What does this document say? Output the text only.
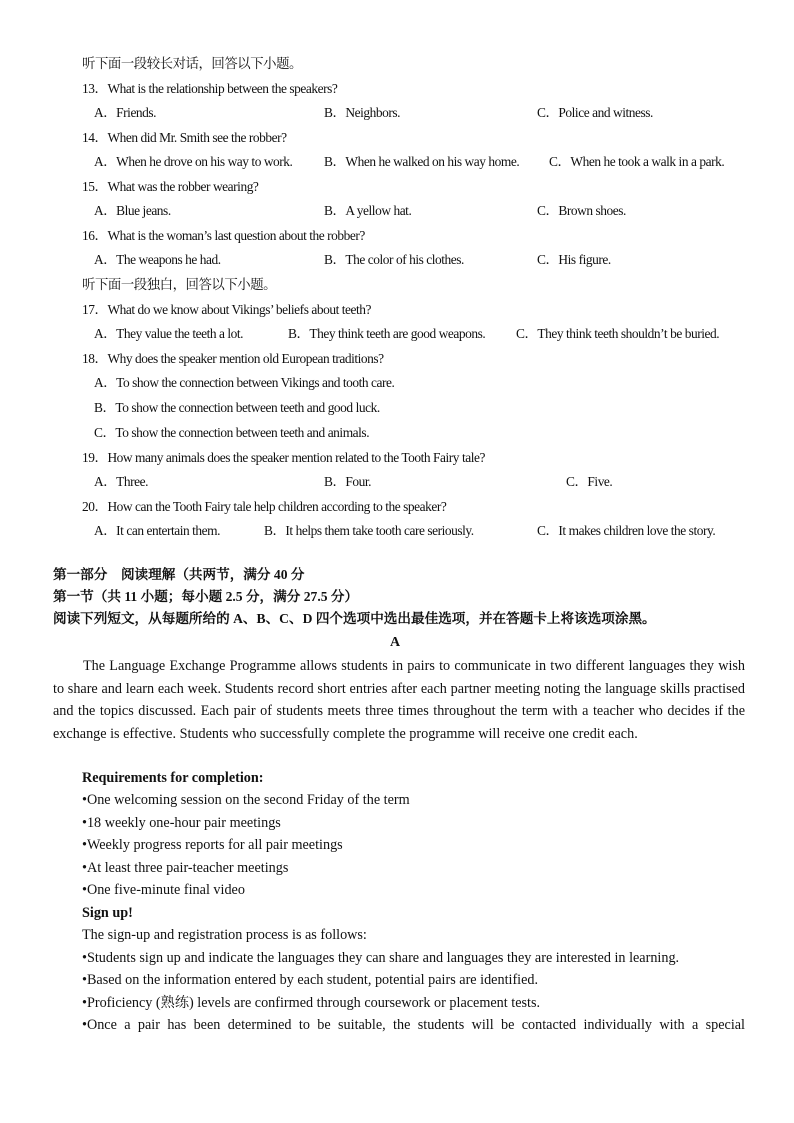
听下面一段较长对话，回答以下小题。
13．What is the relationship between the speakers?
A．Friends.	B．Neighbors.	C．Police and witness.
14．When did Mr. Smith see the robber?
A．When he drove on his way to work. B．When he walked on his way home. C．When he took a walk in a park.
15．What was the robber wearing?
A．Blue jeans.	B．A yellow hat.	C．Brown shoes.
16．What is the woman’s last question about the robber?
A．The weapons he had.	B．The color of his clothes.	C．His figure.
听下面一段独白，回答以下小题。
17．What do we know about Vikings’ beliefs about teeth?
A．They value the teeth a lot.	B．They think teeth are good weapons. C．They think teeth shouldn’t be buried.
18．Why does the speaker mention old European traditions?
A．To show the connection between Vikings and tooth care.
B．To show the connection between teeth and good luck.
C．To show the connection between teeth and animals.
19．How many animals does the speaker mention related to the Tooth Fairy tale?
A．Three.	B．Four.	C．Five.
20．How can the Tooth Fairy tale help children according to the speaker?
A．It can entertain them.	B．It helps them take tooth care seriously.	C．It makes children love the story.
第一部分　阅读理解（共两节，满分 40 分
第一节（共 11 小题；每小题 2.5 分，满分 27.5 分）
阅读下列短文，从每题所给的 A、B、C、D 四个选项中选出最佳选项，并在答题卡上将该选项涂黑。
A
The Language Exchange Programme allows students in pairs to communicate in two different languages they wish to share and learn each week. Students record short entries after each partner meeting noting the language skills practised and the topics discussed. Each pair of students meets three times throughout the term with a teacher who decides if the exchange is effective. Students who successfully complete the programme will receive one credit each.
Requirements for completion:
•One welcoming session on the second Friday of the term
•18 weekly one-hour pair meetings
•Weekly progress reports for all pair meetings
•At least three pair-teacher meetings
•One five-minute final video
Sign up!
The sign-up and registration process is as follows:
•Students sign up and indicate the languages they can share and languages they are interested in learning.
•Based on the information entered by each student, potential pairs are identified.
•Proficiency (熟练) levels are confirmed through coursework or placement tests.
•Once a pair has been determined to be suitable, the students will be contacted individually with a special
